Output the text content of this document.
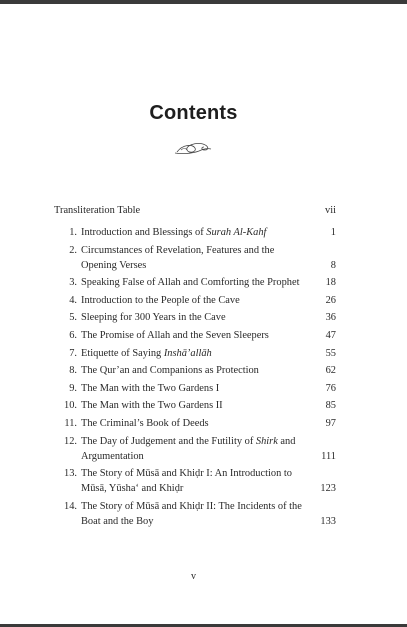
Contents
Transliteration Table	vii
1. Introduction and Blessings of Surah Al-Kahf	1
2. Circumstances of Revelation, Features and the Opening Verses	8
3. Speaking False of Allah and Comforting the Prophet	18
4. Introduction to the People of the Cave	26
5. Sleeping for 300 Years in the Cave	36
6. The Promise of Allah and the Seven Sleepers	47
7. Etiquette of Saying Inshā’allāh	55
8. The Qur’an and Companions as Protection	62
9. The Man with the Two Gardens I	76
10. The Man with the Two Gardens II	85
11. The Criminal’s Book of Deeds	97
12. The Day of Judgement and the Futility of Shirk and Argumentation	111
13. The Story of Mūsā and Khiḍr I: An Introduction to Mūsā, Yūsha‘ and Khiḍr	123
14. The Story of Mūsā and Khiḍr II: The Incidents of the Boat and the Boy	133
v
